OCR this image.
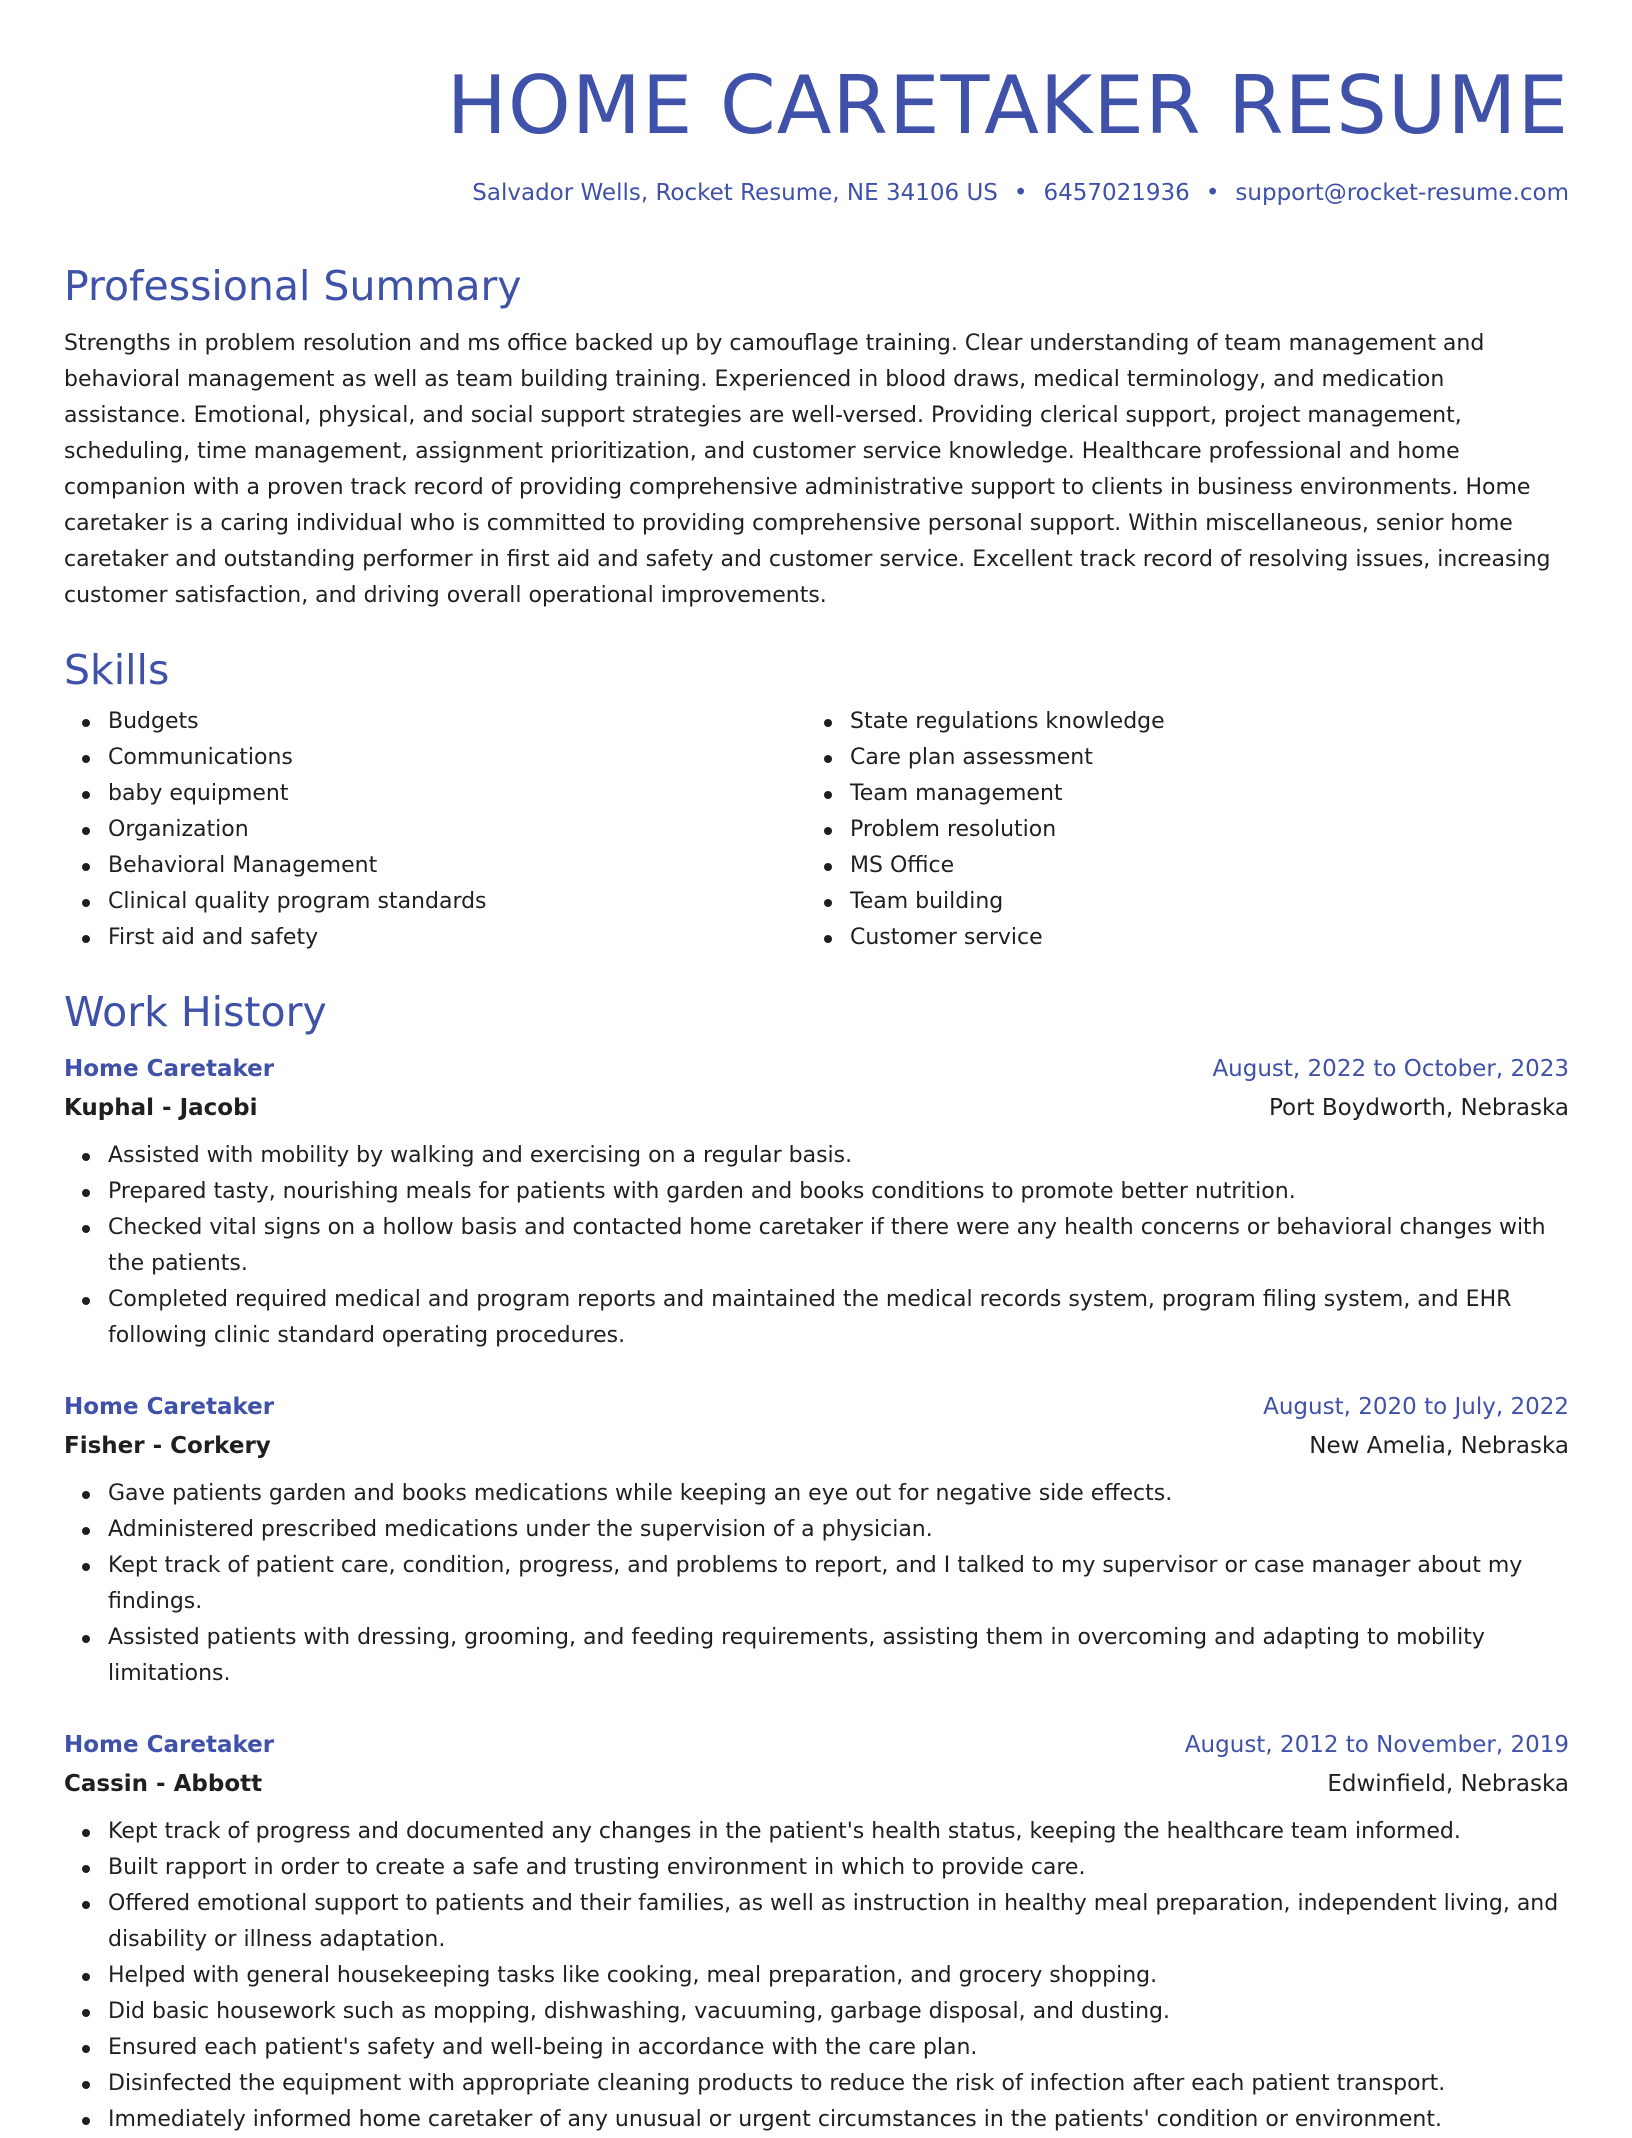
HOME CARETAKER RESUME
Salvador Wells, Rocket Resume, NE 34106 US • 6457021936 • support@rocket-resume.com
Professional Summary

Strengths in problem resolution and ms office backed up by camouflage training. Clear understanding of team management and behavioral management as well as team building training. Experienced in blood draws, medical terminology, and medication assistance. Emotional, physical, and social support strategies are well-versed. Providing clerical support, project management, scheduling, time management, assignment prioritization, and customer service knowledge. Healthcare professional and home companion with a proven track record of providing comprehensive administrative support to clients in business environments. Home caretaker is a caring individual who is committed to providing comprehensive personal support. Within miscellaneous, senior home caretaker and outstanding performer in first aid and safety and customer service. Excellent track record of resolving issues, increasing customer satisfaction, and driving overall operational improvements.

Skills
Budgets
Communications
baby equipment
Organization
Behavioral Management
Clinical quality program standards
First aid and safety
State regulations knowledge
Care plan assessment
Team management
Problem resolution
MS Office
Team building
Customer service
Work History
Home Caretaker	August, 2022 to October, 2023
Kuphal - Jacobi	Port Boydworth, Nebraska
Assisted with mobility by walking and exercising on a regular basis.
Prepared tasty, nourishing meals for patients with garden and books conditions to promote better nutrition.
Checked vital signs on a hollow basis and contacted home caretaker if there were any health concerns or behavioral changes with the patients.
Completed required medical and program reports and maintained the medical records system, program filing system, and EHR following clinic standard operating procedures.
Home Caretaker	August, 2020 to July, 2022
Fisher - Corkery	New Amelia, Nebraska
Gave patients garden and books medications while keeping an eye out for negative side effects.
Administered prescribed medications under the supervision of a physician.
Kept track of patient care, condition, progress, and problems to report, and I talked to my supervisor or case manager about my findings.
Assisted patients with dressing, grooming, and feeding requirements, assisting them in overcoming and adapting to mobility limitations.
Home Caretaker	August, 2012 to November, 2019
Cassin - Abbott	Edwinfield, Nebraska
Kept track of progress and documented any changes in the patient's health status, keeping the healthcare team informed.
Built rapport in order to create a safe and trusting environment in which to provide care.
Offered emotional support to patients and their families, as well as instruction in healthy meal preparation, independent living, and disability or illness adaptation.
Helped with general housekeeping tasks like cooking, meal preparation, and grocery shopping.
Did basic housework such as mopping, dishwashing, vacuuming, garbage disposal, and dusting.
Ensured each patient's safety and well-being in accordance with the care plan.
Disinfected the equipment with appropriate cleaning products to reduce the risk of infection after each patient transport.
Immediately informed home caretaker of any unusual or urgent circumstances in the patients' condition or environment.
